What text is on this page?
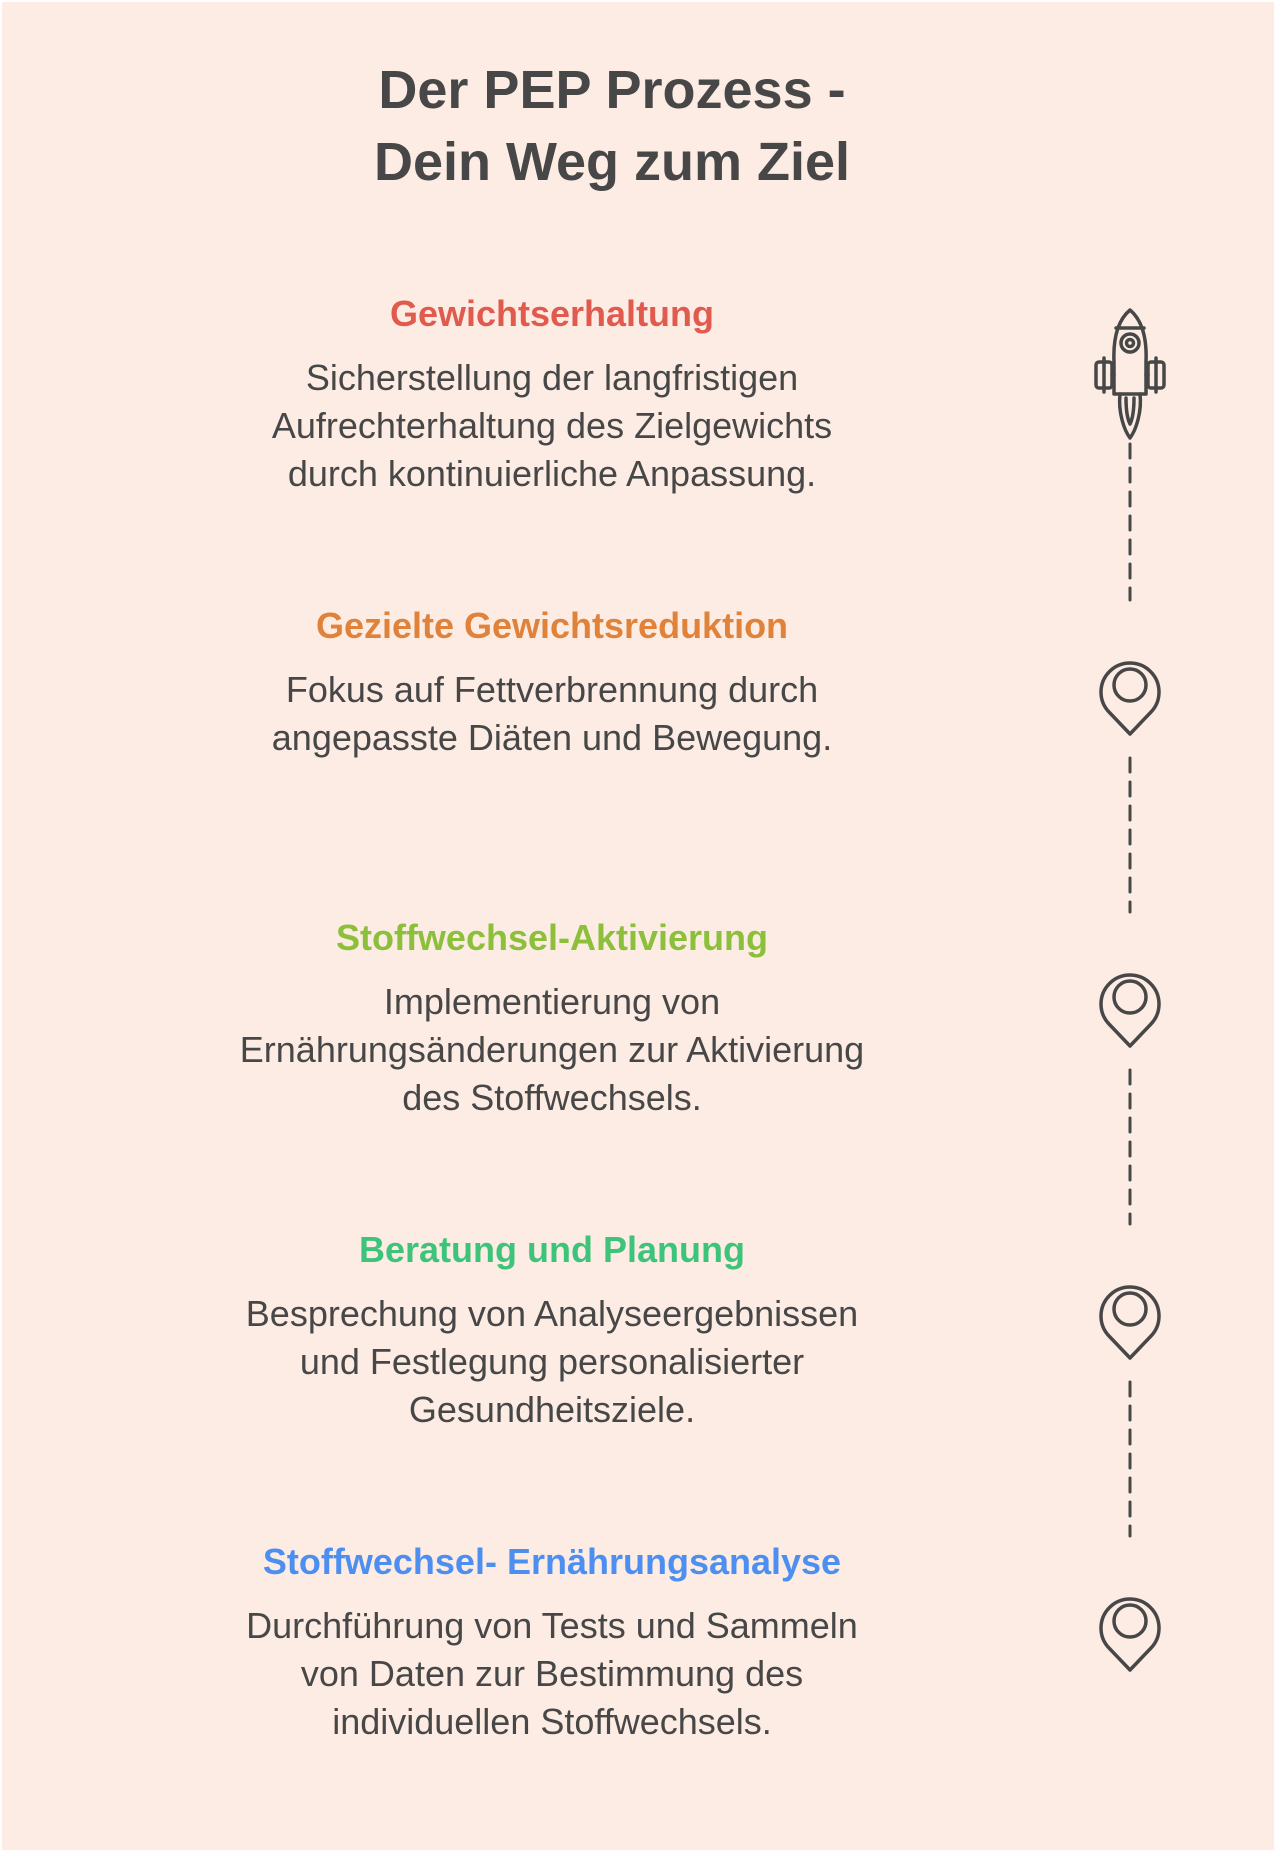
Der PEP Prozess -
Dein Weg zum Ziel
Gewichtserhaltung

Sicherstellung der langfristigen
Aufrechterhaltung des Zielgewichts
durch kontinuierliche Anpassung.

Gezielte Gewichtsreduktion

Fokus auf Fettverbrennung durch
angepasste Diäten und Bewegung.

Stoffwechsel-Aktivierung

Implementierung von
Ernährungsänderungen zur Aktivierung
des Stoffwechsels.

Beratung und Planung

Besprechung von Analyseergebnissen
und Festlegung personalisierter
Gesundheitsziele.

Stoffwechsel- Ernährungsanalyse

Durchführung von Tests und Sammeln
von Daten zur Bestimmung des
individuellen Stoffwechsels.
